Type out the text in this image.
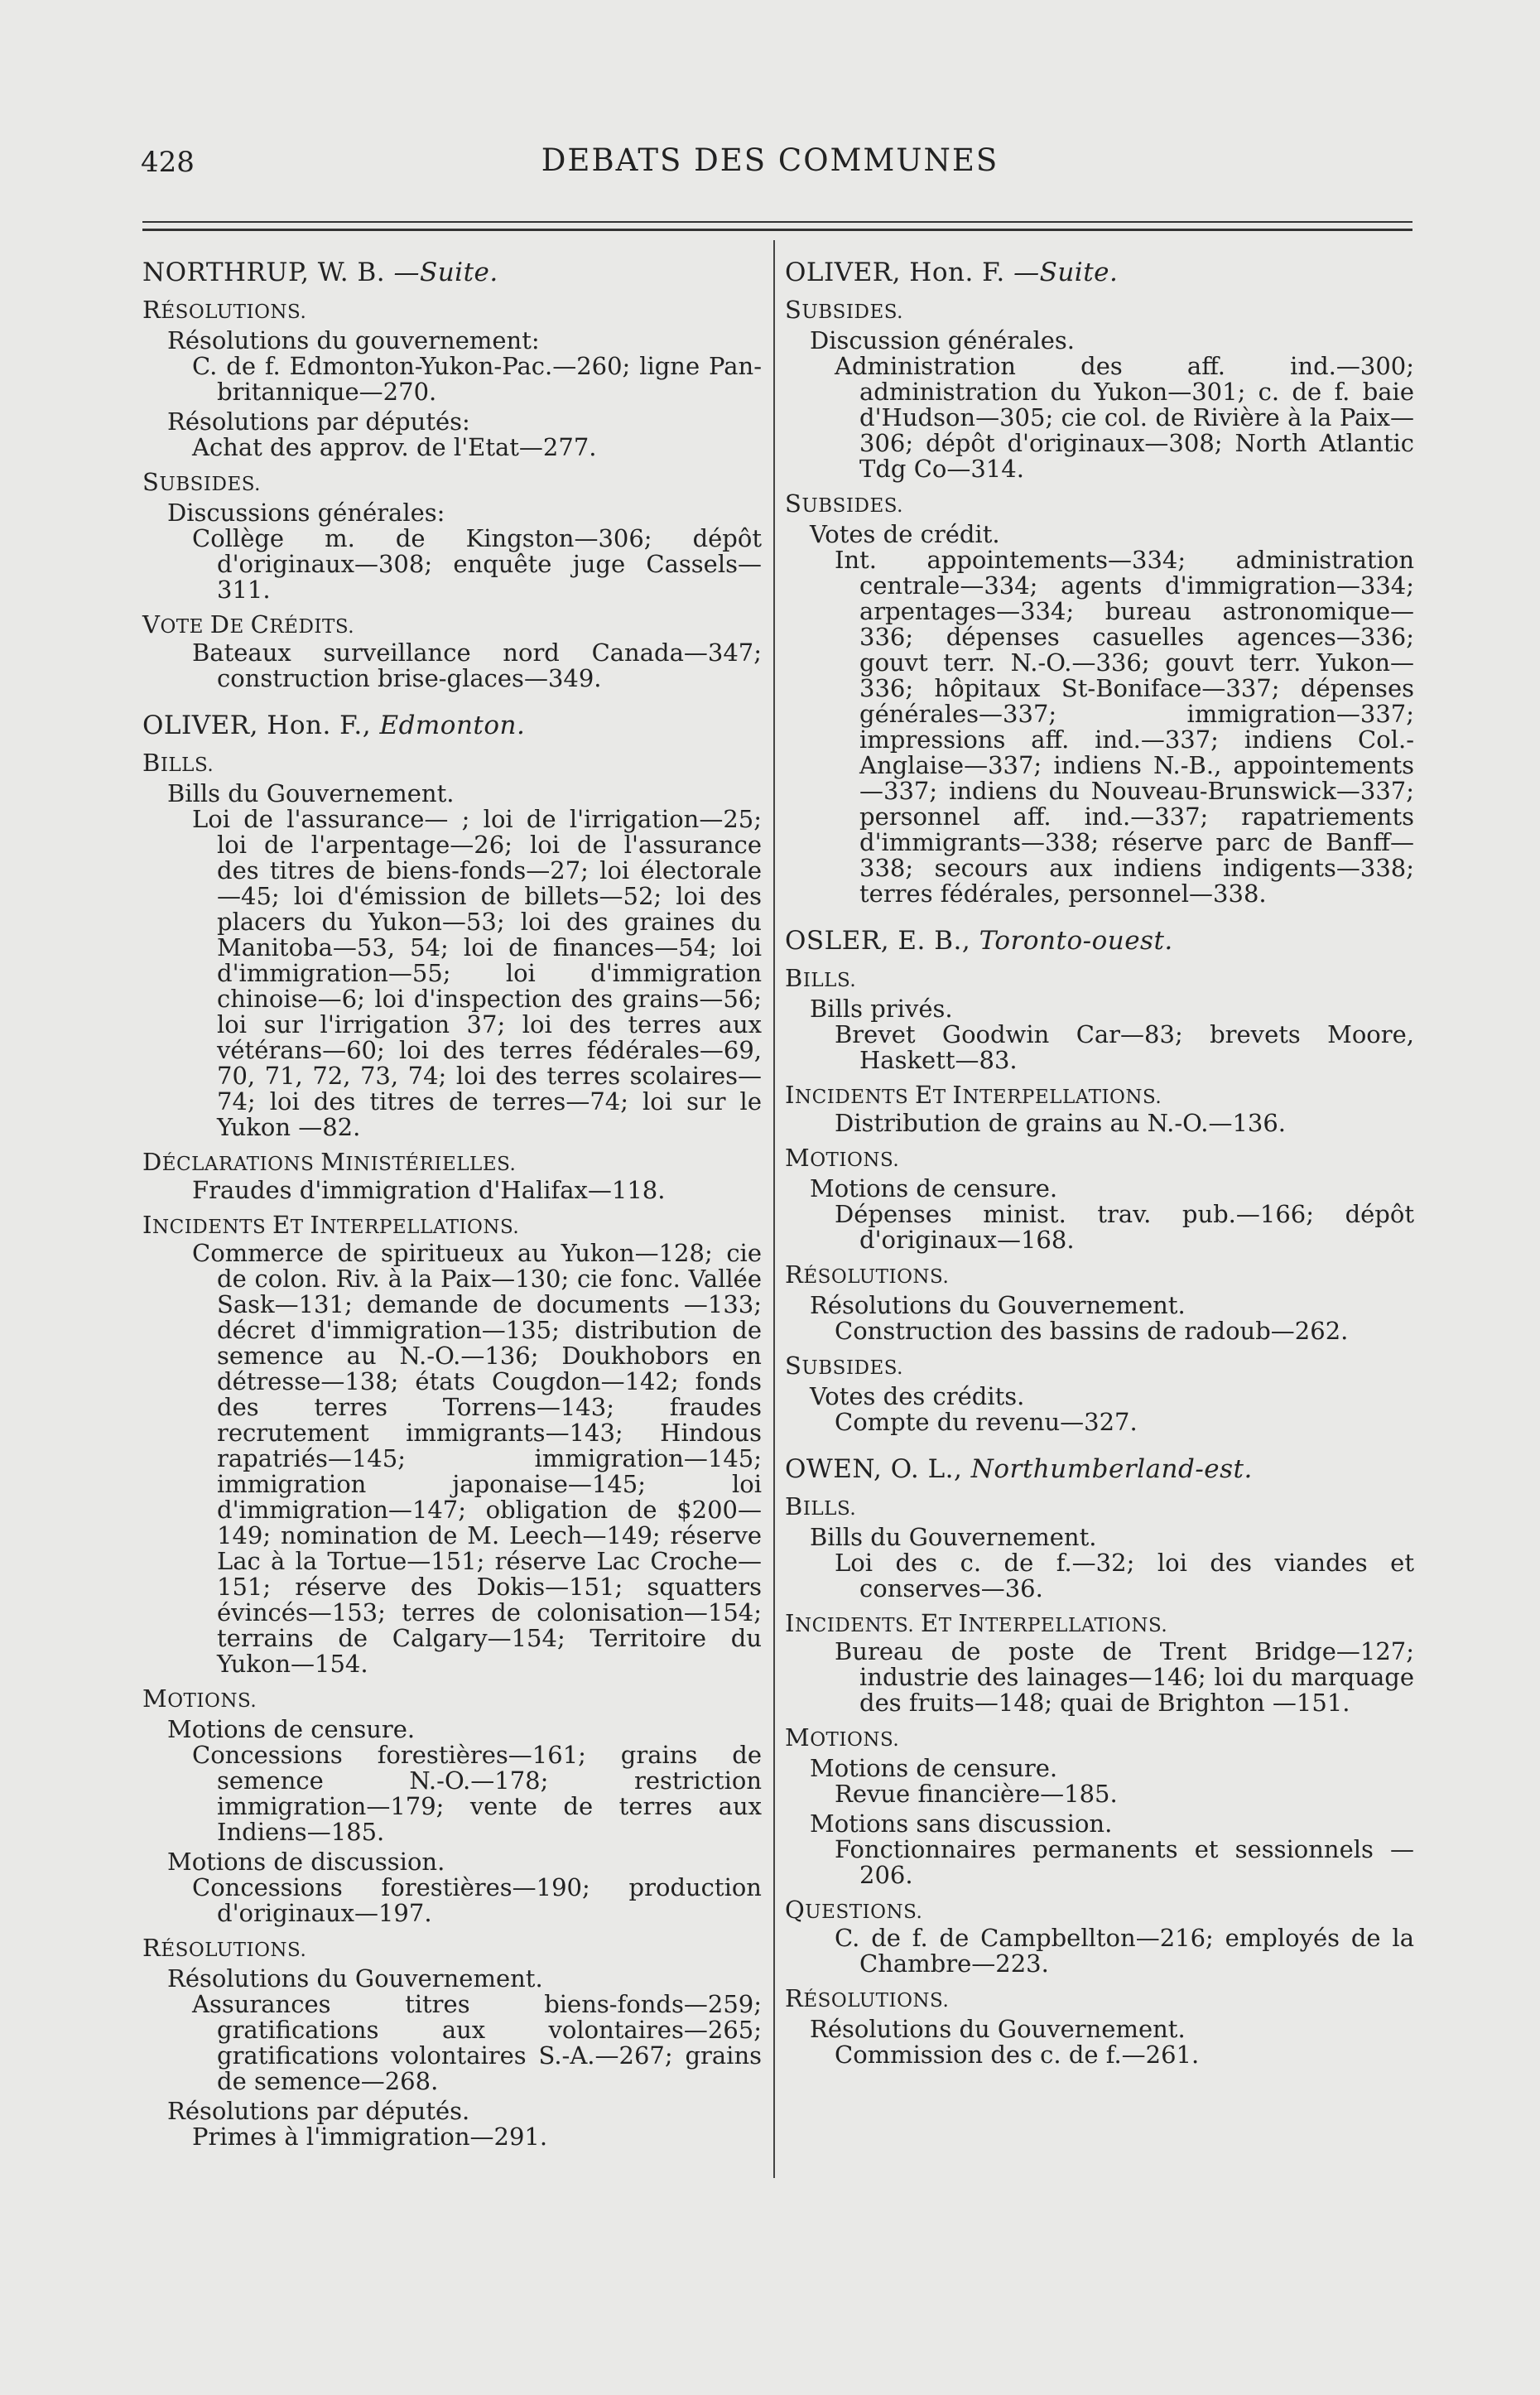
428	DEBATS DES COMMUNES
NORTHRUP, W. B. —Suite.
RÉSOLUTIONS.
Résolutions du gouvernement:
C. de f. Edmonton-Yukon-Pac.—260; ligne Pan-britannique—270.
Résolutions par députés:
Achat des approv. de l'Etat—277.
SUBSIDES.
Discussions générales:
Collège m. de Kingston—306; dépôt d'originaux—308; enquête juge Cassels—311.
VOTE DE CRÉDITS.
Bateaux surveillance nord Canada—347; construction brise-glaces—349.
OLIVER, Hon. F., Edmonton.
BILLS.
Bills du Gouvernement.
Loi de l'assurance— ; loi de l'irrigation—25; loi de l'arpentage—26; loi de l'assurance des titres de biens-fonds—27; loi électorale—45; loi d'émission de billets—52; loi des placers du Yukon—53; loi des graines du Manitoba—53, 54; loi de finances—54; loi d'immigration—55; loi d'immigration chinoise—6; loi d'inspection des grains—56; loi sur l'irrigation 37; loi des terres aux vétérans—60; loi des terres fédérales—69, 70, 71, 72, 73, 74; loi des terres scolaires—74; loi des titres de terres—74; loi sur le Yukon —82.
DÉCLARATIONS MINISTÉRIELLES.
Fraudes d'immigration d'Halifax—118.
INCIDENTS ET INTERPELLATIONS.
Commerce de spiritueux au Yukon—128; cie de colon. Riv. à la Paix—130; cie fonc. Vallée Sask—131; demande de documents —133; décret d'immigration—135; distribution de semence au N.-O.—136; Doukhobors en détresse—138; états Cougdon—142; fonds des terres Torrens—143; fraudes recrutement immigrants—143; Hindous rapatriés—145; immigration—145; immigration japonaise—145; loi d'immigration—147; obligation de $200—149; nomination de M. Leech—149; réserve Lac à la Tortue—151; réserve Lac Croche—151; réserve des Dokis—151; squatters évincés—153; terres de colonisation—154; terrains de Calgary—154; Territoire du Yukon—154.
MOTIONS.
Motions de censure.
Concessions forestières—161; grains de semence N.-O.—178; restriction immigration—179; vente de terres aux Indiens—185.
Motions de discussion.
Concessions forestières—190; production d'originaux—197.
RÉSOLUTIONS.
Résolutions du Gouvernement.
Assurances titres biens-fonds—259; gratifications aux volontaires—265; gratifications volontaires S.-A.—267; grains de semence—268.
Résolutions par députés.
Primes à l'immigration—291.
OLIVER, Hon. F. —Suite.
SUBSIDES.
Discussion générales.
Administration des aff. ind.—300; administration du Yukon—301; c. de f. baie d'Hudson—305; cie col. de Rivière à la Paix—306; dépôt d'originaux—308; North Atlantic Tdg Co—314.
SUBSIDES.
Votes de crédit.
Int. appointements—334; administration centrale—334; agents d'immigration—334; arpentages—334; bureau astronomique—336; dépenses casuelles agences—336; gouvt terr. N.-O.—336; gouvt terr. Yukon—336; hôpitaux St-Boniface—337; dépenses générales—337; immigration—337; impressions aff. ind.—337; indiens Col.-Anglaise—337; indiens N.-B., appointements—337; indiens du Nouveau-Brunswick—337; personnel aff. ind.—337; rapatriements d'immigrants—338; réserve parc de Banff—338; secours aux indiens indigents—338; terres fédérales, personnel—338.
OSLER, E. B., Toronto-ouest.
BILLS.
Bills privés.
Brevet Goodwin Car—83; brevets Moore, Haskett—83.
INCIDENTS ET INTERPELLATIONS.
Distribution de grains au N.-O.—136.
MOTIONS.
Motions de censure.
Dépenses minist. trav. pub.—166; dépôt d'originaux—168.
RÉSOLUTIONS.
Résolutions du Gouvernement.
Construction des bassins de radoub—262.
SUBSIDES.
Votes des crédits.
Compte du revenu—327.
OWEN, O. L., Northumberland-est.
BILLS.
Bills du Gouvernement.
Loi des c. de f.—32; loi des viandes et conserves—36.
INCIDENTS. ET INTERPELLATIONS.
Bureau de poste de Trent Bridge—127; industrie des lainages—146; loi du marquage des fruits—148; quai de Brighton —151.
MOTIONS.
Motions de censure.
Revue financière—185.
Motions sans discussion.
Fonctionnaires permanents et sessionnels —206.
QUESTIONS.
C. de f. de Campbellton—216; employés de la Chambre—223.
RÉSOLUTIONS.
Résolutions du Gouvernement.
Commission des c. de f.—261.
